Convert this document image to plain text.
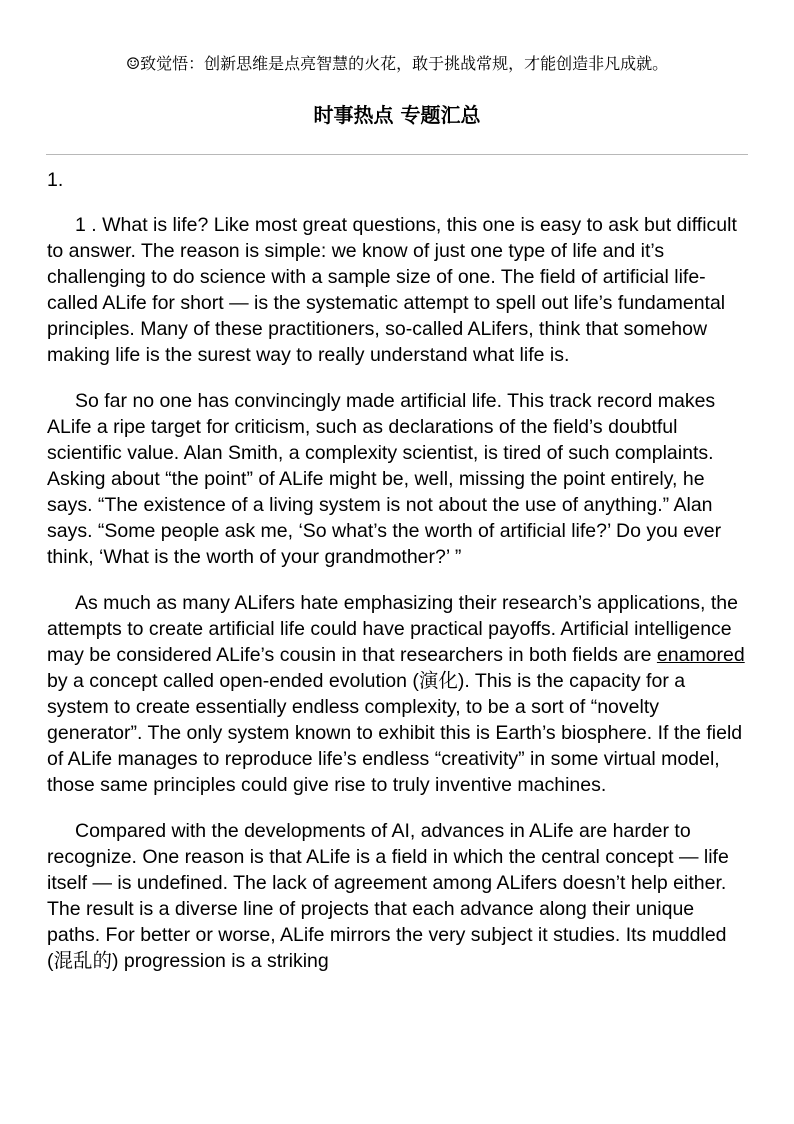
☺致觉悟：创新思维是点亮智慧的火花，敢于挑战常规，才能创造非凡成就。
时事热点 专题汇总
1.

1 . What is life? Like most great questions, this one is easy to ask but difficult to answer. The reason is simple: we know of just one type of life and it’s challenging to do science with a sample size of one. The field of artificial life-called ALife for short — is the systematic attempt to spell out life’s fundamental principles. Many of these practitioners, so-called ALifers, think that somehow making life is the surest way to really understand what life is.

So far no one has convincingly made artificial life. This track record makes ALife a ripe target for criticism, such as declarations of the field’s doubtful scientific value. Alan Smith, a complexity scientist, is tired of such complaints. Asking about “the point” of ALife might be, well, missing the point entirely, he says. “The existence of a living system is not about the use of anything.” Alan says. “Some people ask me, ‘So what’s the worth of artificial life?’ Do you ever think, ‘What is the worth of your grandmother?’ ”

As much as many ALifers hate emphasizing their research’s applications, the attempts to create artificial life could have practical payoffs. Artificial intelligence may be considered ALife’s cousin in that researchers in both fields are enamored by a concept called open-ended evolution (演化). This is the capacity for a system to create essentially endless complexity, to be a sort of “novelty generator”. The only system known to exhibit this is Earth’s biosphere. If the field of ALife manages to reproduce life’s endless “creativity” in some virtual model, those same principles could give rise to truly inventive machines.

Compared with the developments of AI, advances in ALife are harder to recognize. One reason is that ALife is a field in which the central concept — life itself — is undefined. The lack of agreement among ALifers doesn’t help either. The result is a diverse line of projects that each advance along their unique paths. For better or worse, ALife mirrors the very subject it studies. Its muddled (混乱的) progression is a striking
